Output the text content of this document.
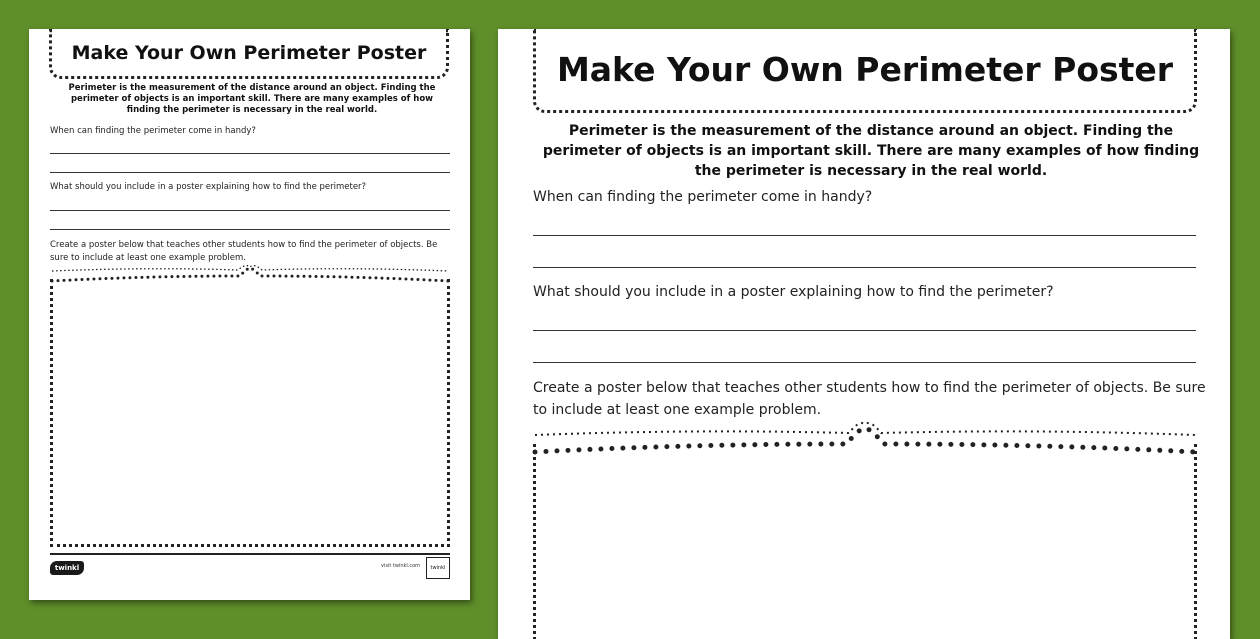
Make Your Own Perimeter Poster
Perimeter is the measurement of the distance around an object. Finding the perimeter of objects is an important skill. There are many examples of how finding the perimeter is necessary in the real world.
When can finding the perimeter come in handy?
What should you include in a poster explaining how to find the perimeter?
Create a poster below that teaches other students how to find the perimeter of objects. Be sure to include at least one example problem.
twinkl	visit twinkl.com	twinkl
Make Your Own Perimeter Poster
Perimeter is the measurement of the distance around an object. Finding the perimeter of objects is an important skill. There are many examples of how finding the perimeter is necessary in the real world.
When can finding the perimeter come in handy?
What should you include in a poster explaining how to find the perimeter?
Create a poster below that teaches other students how to find the perimeter of objects. Be sure to include at least one example problem.
